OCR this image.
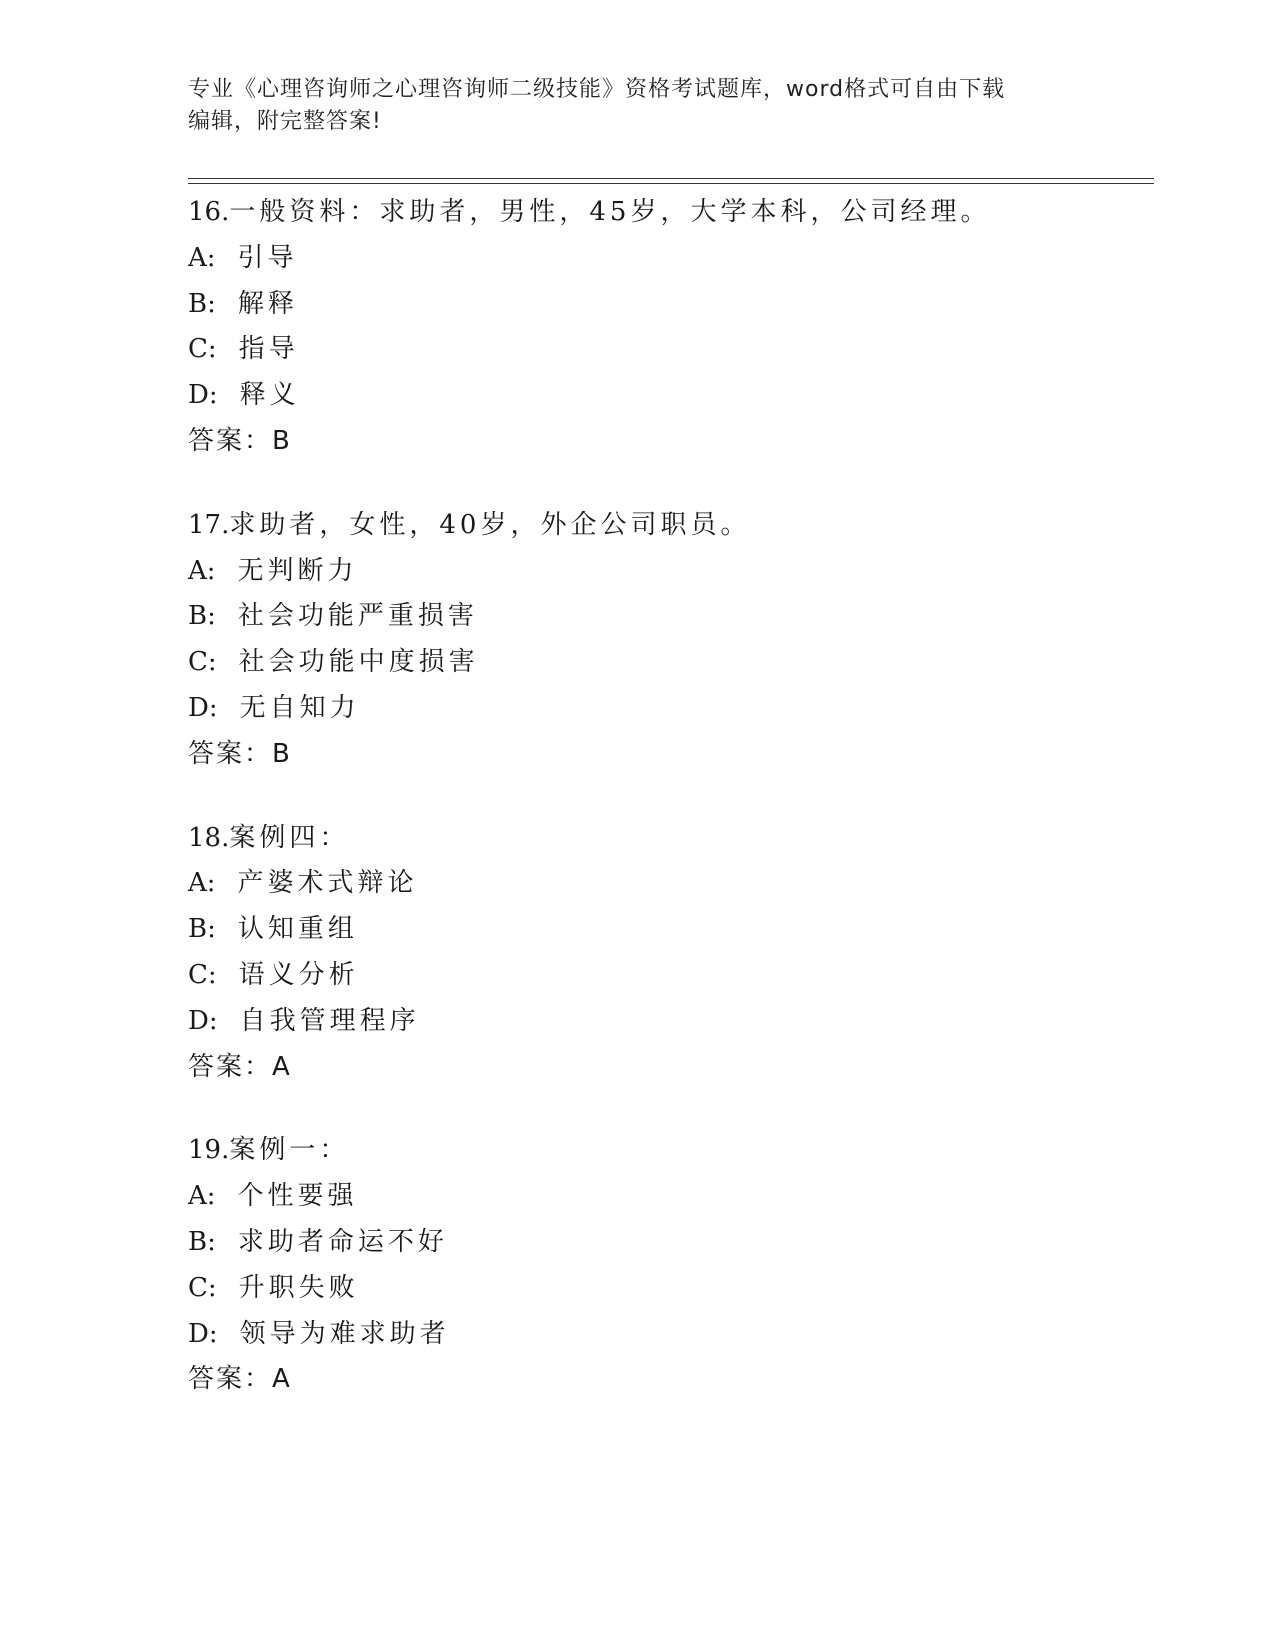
专业《心理咨询师之心理咨询师二级技能》资格考试题库，word格式可自由下载
编辑，附完整答案!
16.一般资料：求助者，男性，45岁，大学本科，公司经理。
A: 引导
B: 解释
C: 指导
D: 释义
答案：B
17.求助者，女性，40岁，外企公司职员。
A: 无判断力
B: 社会功能严重损害
C: 社会功能中度损害
D: 无自知力
答案：B
18.案例四：
A: 产婆术式辩论
B: 认知重组
C: 语义分析
D: 自我管理程序
答案：A
19.案例一：
A: 个性要强
B: 求助者命运不好
C: 升职失败
D: 领导为难求助者
答案：A
